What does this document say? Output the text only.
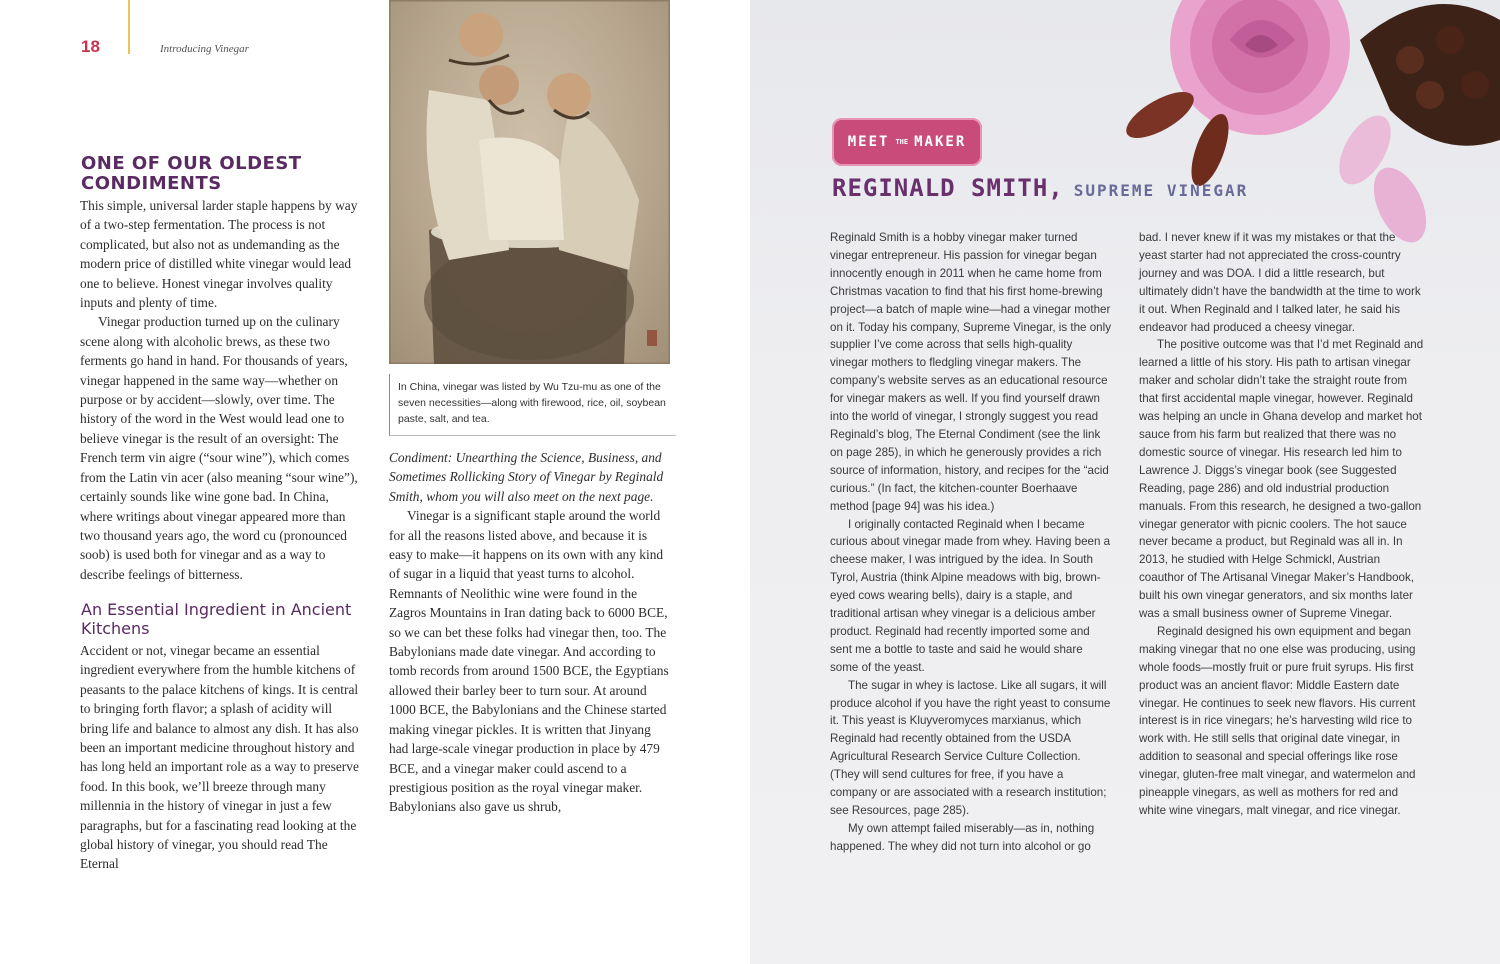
18	Introducing Vinegar
ONE OF OUR OLDEST CONDIMENTS

This simple, universal larder staple happens by way of a two-step fermentation. The process is not complicated, but also not as undemanding as the modern price of distilled white vinegar would lead one to believe. Honest vinegar involves quality inputs and plenty of time.

Vinegar production turned up on the culinary scene along with alcoholic brews, as these two ferments go hand in hand. For thousands of years, vinegar happened in the same way—whether on purpose or by accident—slowly, over time. The history of the word in the West would lead one to believe vinegar is the result of an oversight: The French term vin aigre (“sour wine”), which comes from the Latin vin acer (also meaning “sour wine”), certainly sounds like wine gone bad. In China, where writings about vinegar appeared more than two thousand years ago, the word cu (pronounced soob) is used both for vinegar and as a way to describe feelings of bitterness.

An Essential Ingredient in Ancient Kitchens

Accident or not, vinegar became an essential ingredient everywhere from the humble kitchens of peasants to the palace kitchens of kings. It is central to bringing forth flavor; a splash of acidity will bring life and balance to almost any dish. It has also been an important medicine throughout history and has long held an important role as a way to preserve food. In this book, we’ll breeze through many millennia in the history of vinegar in just a few paragraphs, but for a fascinating read looking at the global history of vinegar, you should read The Eternal

In China, vinegar was listed by Wu Tzu-mu as one of the seven necessities—along with firewood, rice, oil, soybean paste, salt, and tea.

Condiment: Unearthing the Science, Business, and Sometimes Rollicking Story of Vinegar by Reginald Smith, whom you will also meet on the next page.

Vinegar is a significant staple around the world for all the reasons listed above, and because it is easy to make—it happens on its own with any kind of sugar in a liquid that yeast turns to alcohol. Remnants of Neolithic wine were found in the Zagros Mountains in Iran dating back to 6000 BCE, so we can bet these folks had vinegar then, too. The Babylonians made date vinegar. And according to tomb records from around 1500 BCE, the Egyptians allowed their barley beer to turn sour. At around 1000 BCE, the Babylonians and the Chinese started making vinegar pickles. It is written that Jinyang had large-scale vinegar production in place by 479 BCE, and a vinegar maker could ascend to a prestigious position as the royal vinegar maker. Babylonians also gave us shrub,

MEET THE MAKER
REGINALD SMITH, SUPREME VINEGAR

Reginald Smith is a hobby vinegar maker turned vinegar entrepreneur. His passion for vinegar began innocently enough in 2011 when he came home from Christmas vacation to find that his first home-brewing project—a batch of maple wine—had a vinegar mother on it. Today his company, Supreme Vinegar, is the only supplier I’ve come across that sells high-quality vinegar mothers to fledgling vinegar makers. The company’s website serves as an educational resource for vinegar makers as well. If you find yourself drawn into the world of vinegar, I strongly suggest you read Reginald’s blog, The Eternal Condiment (see the link on page 285), in which he generously provides a rich source of information, history, and recipes for the “acid curious.” (In fact, the kitchen-counter Boerhaave method [page 94] was his idea.)

I originally contacted Reginald when I became curious about vinegar made from whey. Having been a cheese maker, I was intrigued by the idea. In South Tyrol, Austria (think Alpine meadows with big, brown-eyed cows wearing bells), dairy is a staple, and traditional artisan whey vinegar is a delicious amber product. Reginald had recently imported some and sent me a bottle to taste and said he would share some of the yeast.

The sugar in whey is lactose. Like all sugars, it will produce alcohol if you have the right yeast to consume it. This yeast is Kluyveromyces marxianus, which Reginald had recently obtained from the USDA Agricultural Research Service Culture Collection. (They will send cultures for free, if you have a company or are associated with a research institution; see Resources, page 285).

My own attempt failed miserably—as in, nothing happened. The whey did not turn into alcohol or go

bad. I never knew if it was my mistakes or that the yeast starter had not appreciated the cross-country journey and was DOA. I did a little research, but ultimately didn’t have the bandwidth at the time to work it out. When Reginald and I talked later, he said his endeavor had produced a cheesy vinegar.

The positive outcome was that I’d met Reginald and learned a little of his story. His path to artisan vinegar maker and scholar didn’t take the straight route from that first accidental maple vinegar, however. Reginald was helping an uncle in Ghana develop and market hot sauce from his farm but realized that there was no domestic source of vinegar. His research led him to Lawrence J. Diggs’s vinegar book (see Suggested Reading, page 286) and old industrial production manuals. From this research, he designed a two-gallon vinegar generator with picnic coolers. The hot sauce never became a product, but Reginald was all in. In 2013, he studied with Helge Schmickl, Austrian coauthor of The Artisanal Vinegar Maker’s Handbook, built his own vinegar generators, and six months later was a small business owner of Supreme Vinegar.

Reginald designed his own equipment and began making vinegar that no one else was producing, using whole foods—mostly fruit or pure fruit syrups. His first product was an ancient flavor: Middle Eastern date vinegar. He continues to seek new flavors. His current interest is in rice vinegars; he’s harvesting wild rice to work with. He still sells that original date vinegar, in addition to seasonal and special offerings like rose vinegar, gluten-free malt vinegar, and watermelon and pineapple vinegars, as well as mothers for red and white wine vinegars, malt vinegar, and rice vinegar.
